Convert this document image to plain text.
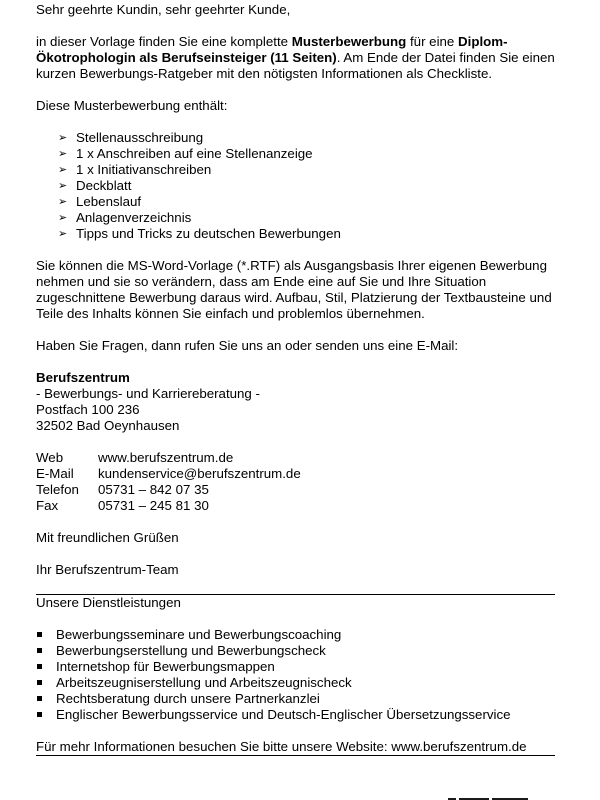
Sehr geehrte Kundin, sehr geehrter Kunde,

in dieser Vorlage finden Sie eine komplette Musterbewerbung für eine Diplom-Ökotrophologin als Berufseinsteiger (11 Seiten). Am Ende der Datei finden Sie einen kurzen Bewerbungs-Ratgeber mit den nötigsten Informationen als Checkliste.

Diese Musterbewerbung enthält:

➢ Stellenausschreibung
➢ 1 x Anschreiben auf eine Stellenanzeige
➢ 1 x Initiativanschreiben
➢ Deckblatt
➢ Lebenslauf
➢ Anlagenverzeichnis
➢ Tipps und Tricks zu deutschen Bewerbungen

Sie können die MS-Word-Vorlage (*.RTF) als Ausgangsbasis Ihrer eigenen Bewerbung nehmen und sie so verändern, dass am Ende eine auf Sie und Ihre Situation zugeschnittene Bewerbung daraus wird. Aufbau, Stil, Platzierung der Textbausteine und Teile des Inhalts können Sie einfach und problemlos übernehmen.

Haben Sie Fragen, dann rufen Sie uns an oder senden uns eine E-Mail:

Berufszentrum

- Bewerbungs- und Karriereberatung -

Postfach 100 236

32502 Bad Oeynhausen

Web	www.berufszentrum.de
E-Mail	kundenservice@berufszentrum.de
Telefon	05731 – 842 07 35
Fax	05731 – 245 81 30

Mit freundlichen Grüßen

Ihr Berufszentrum-Team

Unsere Dienstleistungen

Bewerbungsseminare und Bewerbungscoaching
Bewerbungserstellung und Bewerbungscheck
Internetshop für Bewerbungsmappen
Arbeitszeugniserstellung und Arbeitszeugnischeck
Rechtsberatung durch unsere Partnerkanzlei
Englischer Bewerbungsservice und Deutsch-Englischer Übersetzungsservice

Für mehr Informationen besuchen Sie bitte unsere Website: www.berufszentrum.de
